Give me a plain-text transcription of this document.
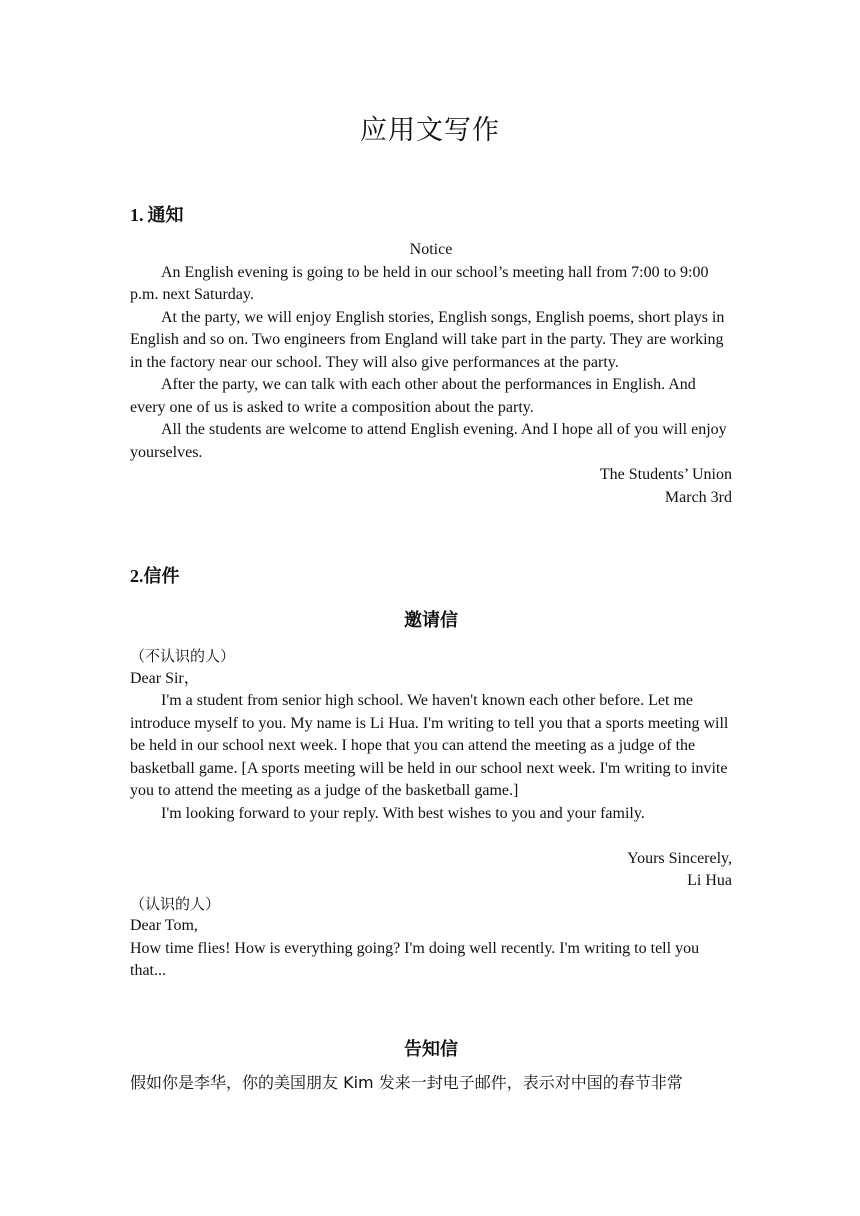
应用文写作
1. 通知

Notice

An English evening is going to be held in our school’s meeting hall from 7:00 to 9:00 p.m. next Saturday.

At the party, we will enjoy English stories, English songs, English poems, short plays in English and so on. Two engineers from England will take part in the party. They are working in the factory near our school. They will also give performances at the party.

After the party, we can talk with each other about the performances in English. And every one of us is asked to write a composition about the party.

All the students are welcome to attend English evening. And I hope all of you will enjoy yourselves.

The Students’ Union

March 3rd

2.信件
邀请信

（不认识的人）

Dear Sir，

I'm a student from senior high school. We haven't known each other before. Let me introduce myself to you. My name is Li Hua. I'm writing to tell you that a sports meeting will be held in our school next week. I hope that you can attend the meeting as a judge of the basketball game. [A sports meeting will be held in our school next week. I'm writing to invite you to attend the meeting as a judge of the basketball game.]

I'm looking forward to your reply. With best wishes to you and your family.

Yours Sincerely,

Li Hua

（认识的人）

Dear Tom,

How time flies! How is everything going? I'm doing well recently. I'm writing to tell you that...

告知信

假如你是李华，你的美国朋友 Kim 发来一封电子邮件，表示对中国的春节非常
